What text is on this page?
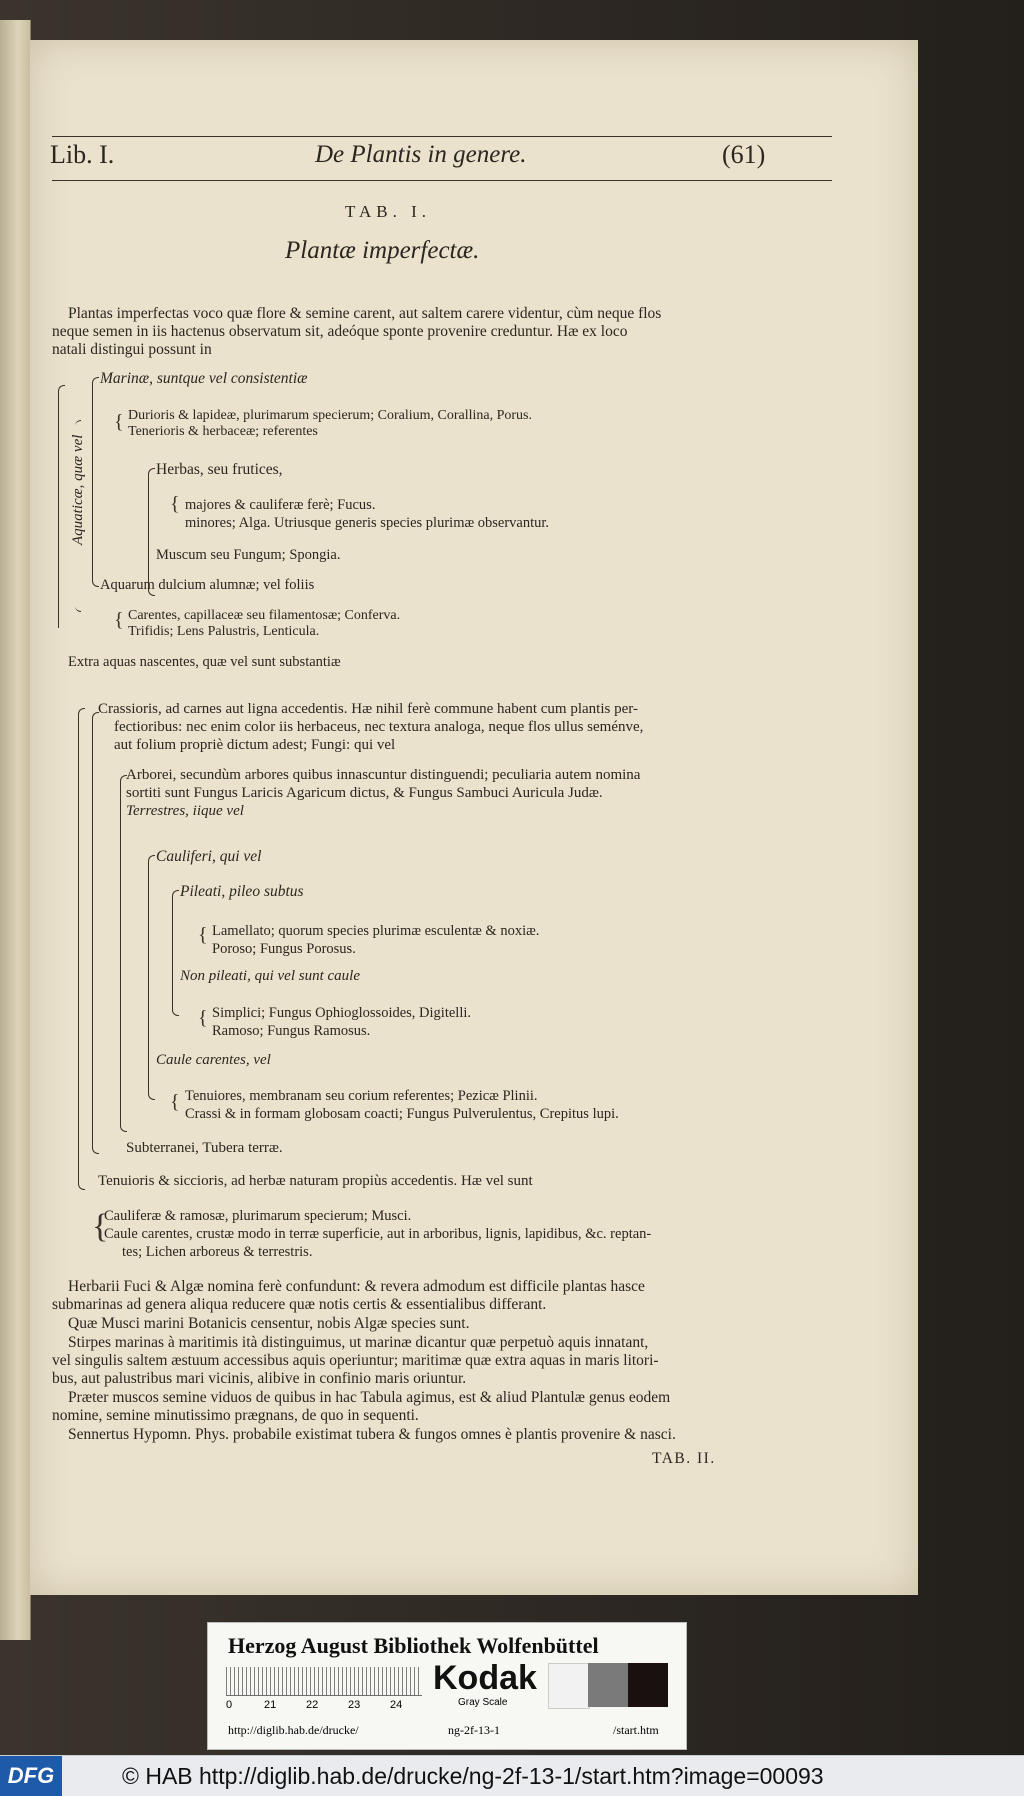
Lib. I.	De Plantis in genere.	(61)
TAB. I.
Plantæ imperfectæ.
Plantas imperfectas voco quæ flore & semine carent, aut saltem carere videntur, cùm neque flos
neque semen in iis hactenus observatum sit, adeóque sponte provenire creduntur. Hæ ex loco
natali distingui possunt in
Aquaticæ, quæ vel
Marinæ, suntque vel consistentiæ
{ Durioris & lapideæ, plurimarum specierum; Coralium, Corallina, Porus.
Tenerioris & herbaceæ; referentes
Herbas, seu frutices,
{ majores & cauliferæ ferè; Fucus.
minores; Alga. Utriusque generis species plurimæ observantur.
Muscum seu Fungum; Spongia.
Aquarum dulcium alumnæ; vel foliis
{ Carentes, capillaceæ seu filamentosæ; Conferva.
Trifidis; Lens Palustris, Lenticula.
Extra aquas nascentes, quæ vel sunt substantiæ
Crassioris, ad carnes aut ligna accedentis. Hæ nihil ferè commune habent cum plantis per-
fectioribus: nec enim color iis herbaceus, nec textura analoga, neque flos ullus seménve,
aut folium propriè dictum adest; Fungi: qui vel
Arborei, secundùm arbores quibus innascuntur distinguendi; peculiaria autem nomina
sortiti sunt Fungus Laricis Agaricum dictus, & Fungus Sambuci Auricula Judæ.
Terrestres, iique vel
Cauliferi, qui vel
Pileati, pileo subtus
{ Lamellato; quorum species plurimæ esculentæ & noxiæ.
Poroso; Fungus Porosus.
Non pileati, qui vel sunt caule
{ Simplici; Fungus Ophioglossoides, Digitelli.
Ramoso; Fungus Ramosus.
Caule carentes, vel
{ Tenuiores, membranam seu corium referentes; Pezicæ Plinii.
Crassi & in formam globosam coacti; Fungus Pulverulentus, Crepitus lupi.
Subterranei, Tubera terræ.
Tenuioris & siccioris, ad herbæ naturam propiùs accedentis. Hæ vel sunt
{
Cauliferæ & ramosæ, plurimarum specierum; Musci.
Caule carentes, crustæ modo in terræ superficie, aut in arboribus, lignis, lapidibus, &c. reptan-
tes; Lichen arboreus & terrestris.
Herbarii Fuci & Algæ nomina ferè confundunt: & revera admodum est difficile plantas hasce
submarinas ad genera aliqua reducere quæ notis certis & essentialibus differant.
Quæ Musci marini Botanicis censentur, nobis Algæ species sunt.
Stirpes marinas à maritimis ità distinguimus, ut marinæ dicantur quæ perpetuò aquis innatant,
vel singulis saltem æstuum accessibus aquis operiuntur; maritimæ quæ extra aquas in maris litori-
bus, aut palustribus mari vicinis, alibive in confinio maris oriuntur.
Præter muscos semine viduos de quibus in hac Tabula agimus, est & aliud Plantulæ genus eodem
nomine, semine minutissimo prægnans, de quo in sequenti.
Sennertus Hypomn. Phys. probabile existimat tubera & fungos omnes è plantis provenire & nasci.
TAB. II.
Herzog August Bibliothek Wolfenbüttel
0	21	22	23	24
Kodak
Gray Scale
http://diglib.hab.de/drucke/	ng-2f-13-1	/start.htm
DFG	© HAB http://diglib.hab.de/drucke/ng-2f-13-1/start.htm?image=00093
